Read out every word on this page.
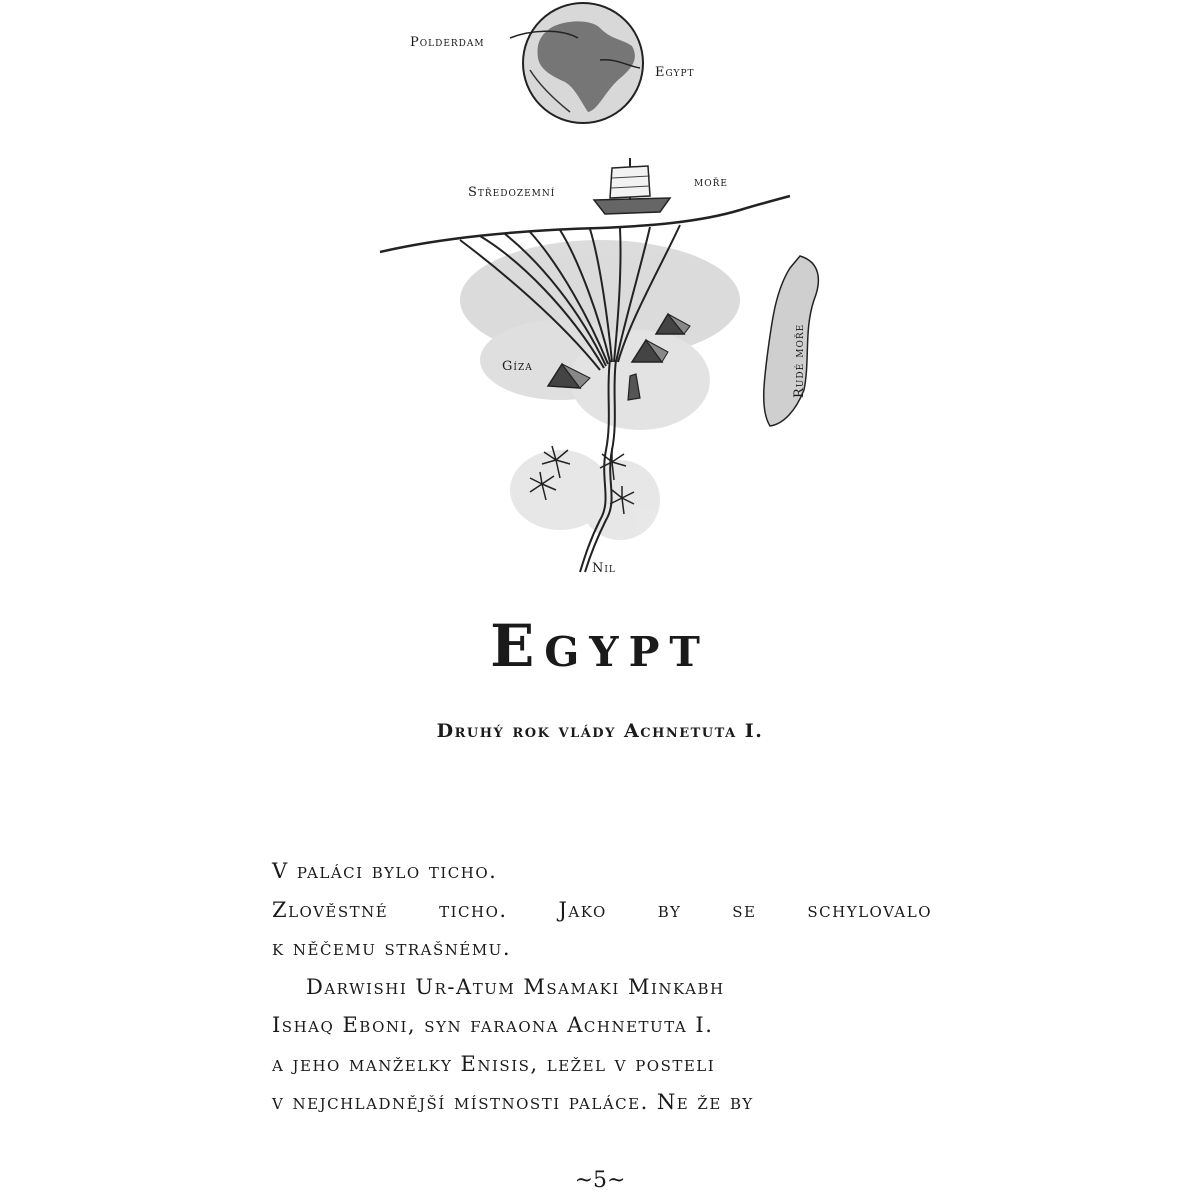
Polderdam
Egypt
Středozemní
moře
Gíza
Nil
Rudé moře
Egypt

Druhý rok vlády Achnetuta I.

V paláci bylo ticho.
Zlověstné ticho. Jako by se schylovalo
k něčemu strašnému.
Darwishi Ur-Atum Msamaki Minkabh
Ishaq Eboni, syn faraona Achnetuta I.
a jeho manželky Enisis, ležel v posteli
v nejchladnější místnosti paláce. Ne že by
~5~
